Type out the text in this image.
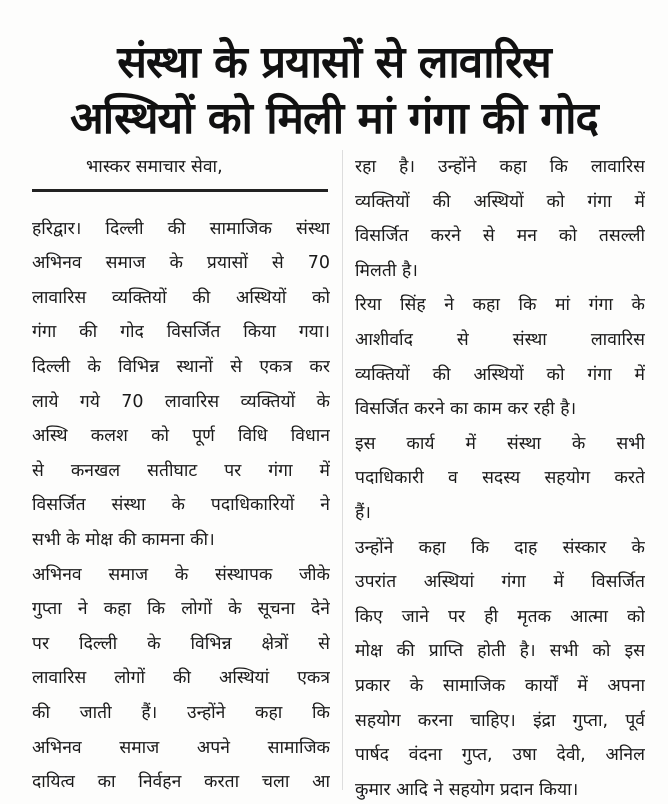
संस्था के प्रयासों से लावारिस
अस्थियों को मिली मां गंगा की गोद
भास्कर समाचार सेवा,
हरिद्वार। दिल्ली की सामाजिक संस्था
अभिनव समाज के प्रयासों से 70
लावारिस व्यक्तियों की अस्थियों को
गंगा की गोद विसर्जित किया गया।
दिल्ली के विभिन्न स्थानों से एकत्र कर
लाये गये 70 लावारिस व्यक्तियों के
अस्थि कलश को पूर्ण विधि विधान
से कनखल सतीघाट पर गंगा में
विसर्जित संस्था के पदाधिकारियों ने
सभी के मोक्ष की कामना की।
अभिनव समाज के संस्थापक जीके
गुप्ता ने कहा कि लोगों के सूचना देने
पर दिल्ली के विभिन्न क्षेत्रों से
लावारिस लोगों की अस्थियां एकत्र
की जाती हैं। उन्होंने कहा कि
अभिनव समाज अपने सामाजिक
दायित्व का निर्वहन करता चला आ
रहा है। उन्होंने कहा कि लावारिस
व्यक्तियों की अस्थियों को गंगा में
विसर्जित करने से मन को तसल्ली
मिलती है।
रिया सिंह ने कहा कि मां गंगा के
आशीर्वाद से संस्था लावारिस
व्यक्तियों की अस्थियों को गंगा में
विसर्जित करने का काम कर रही है।
इस कार्य में संस्था के सभी
पदाधिकारी व सदस्य सहयोग करते
हैं।
उन्होंने कहा कि दाह संस्कार के
उपरांत अस्थियां गंगा में विसर्जित
किए जाने पर ही मृतक आत्मा को
मोक्ष की प्राप्ति होती है। सभी को इस
प्रकार के सामाजिक कार्यों में अपना
सहयोग करना चाहिए। इंद्रा गुप्ता, पूर्व
पार्षद वंदना गुप्त, उषा देवी, अनिल
कुमार आदि ने सहयोग प्रदान किया।
